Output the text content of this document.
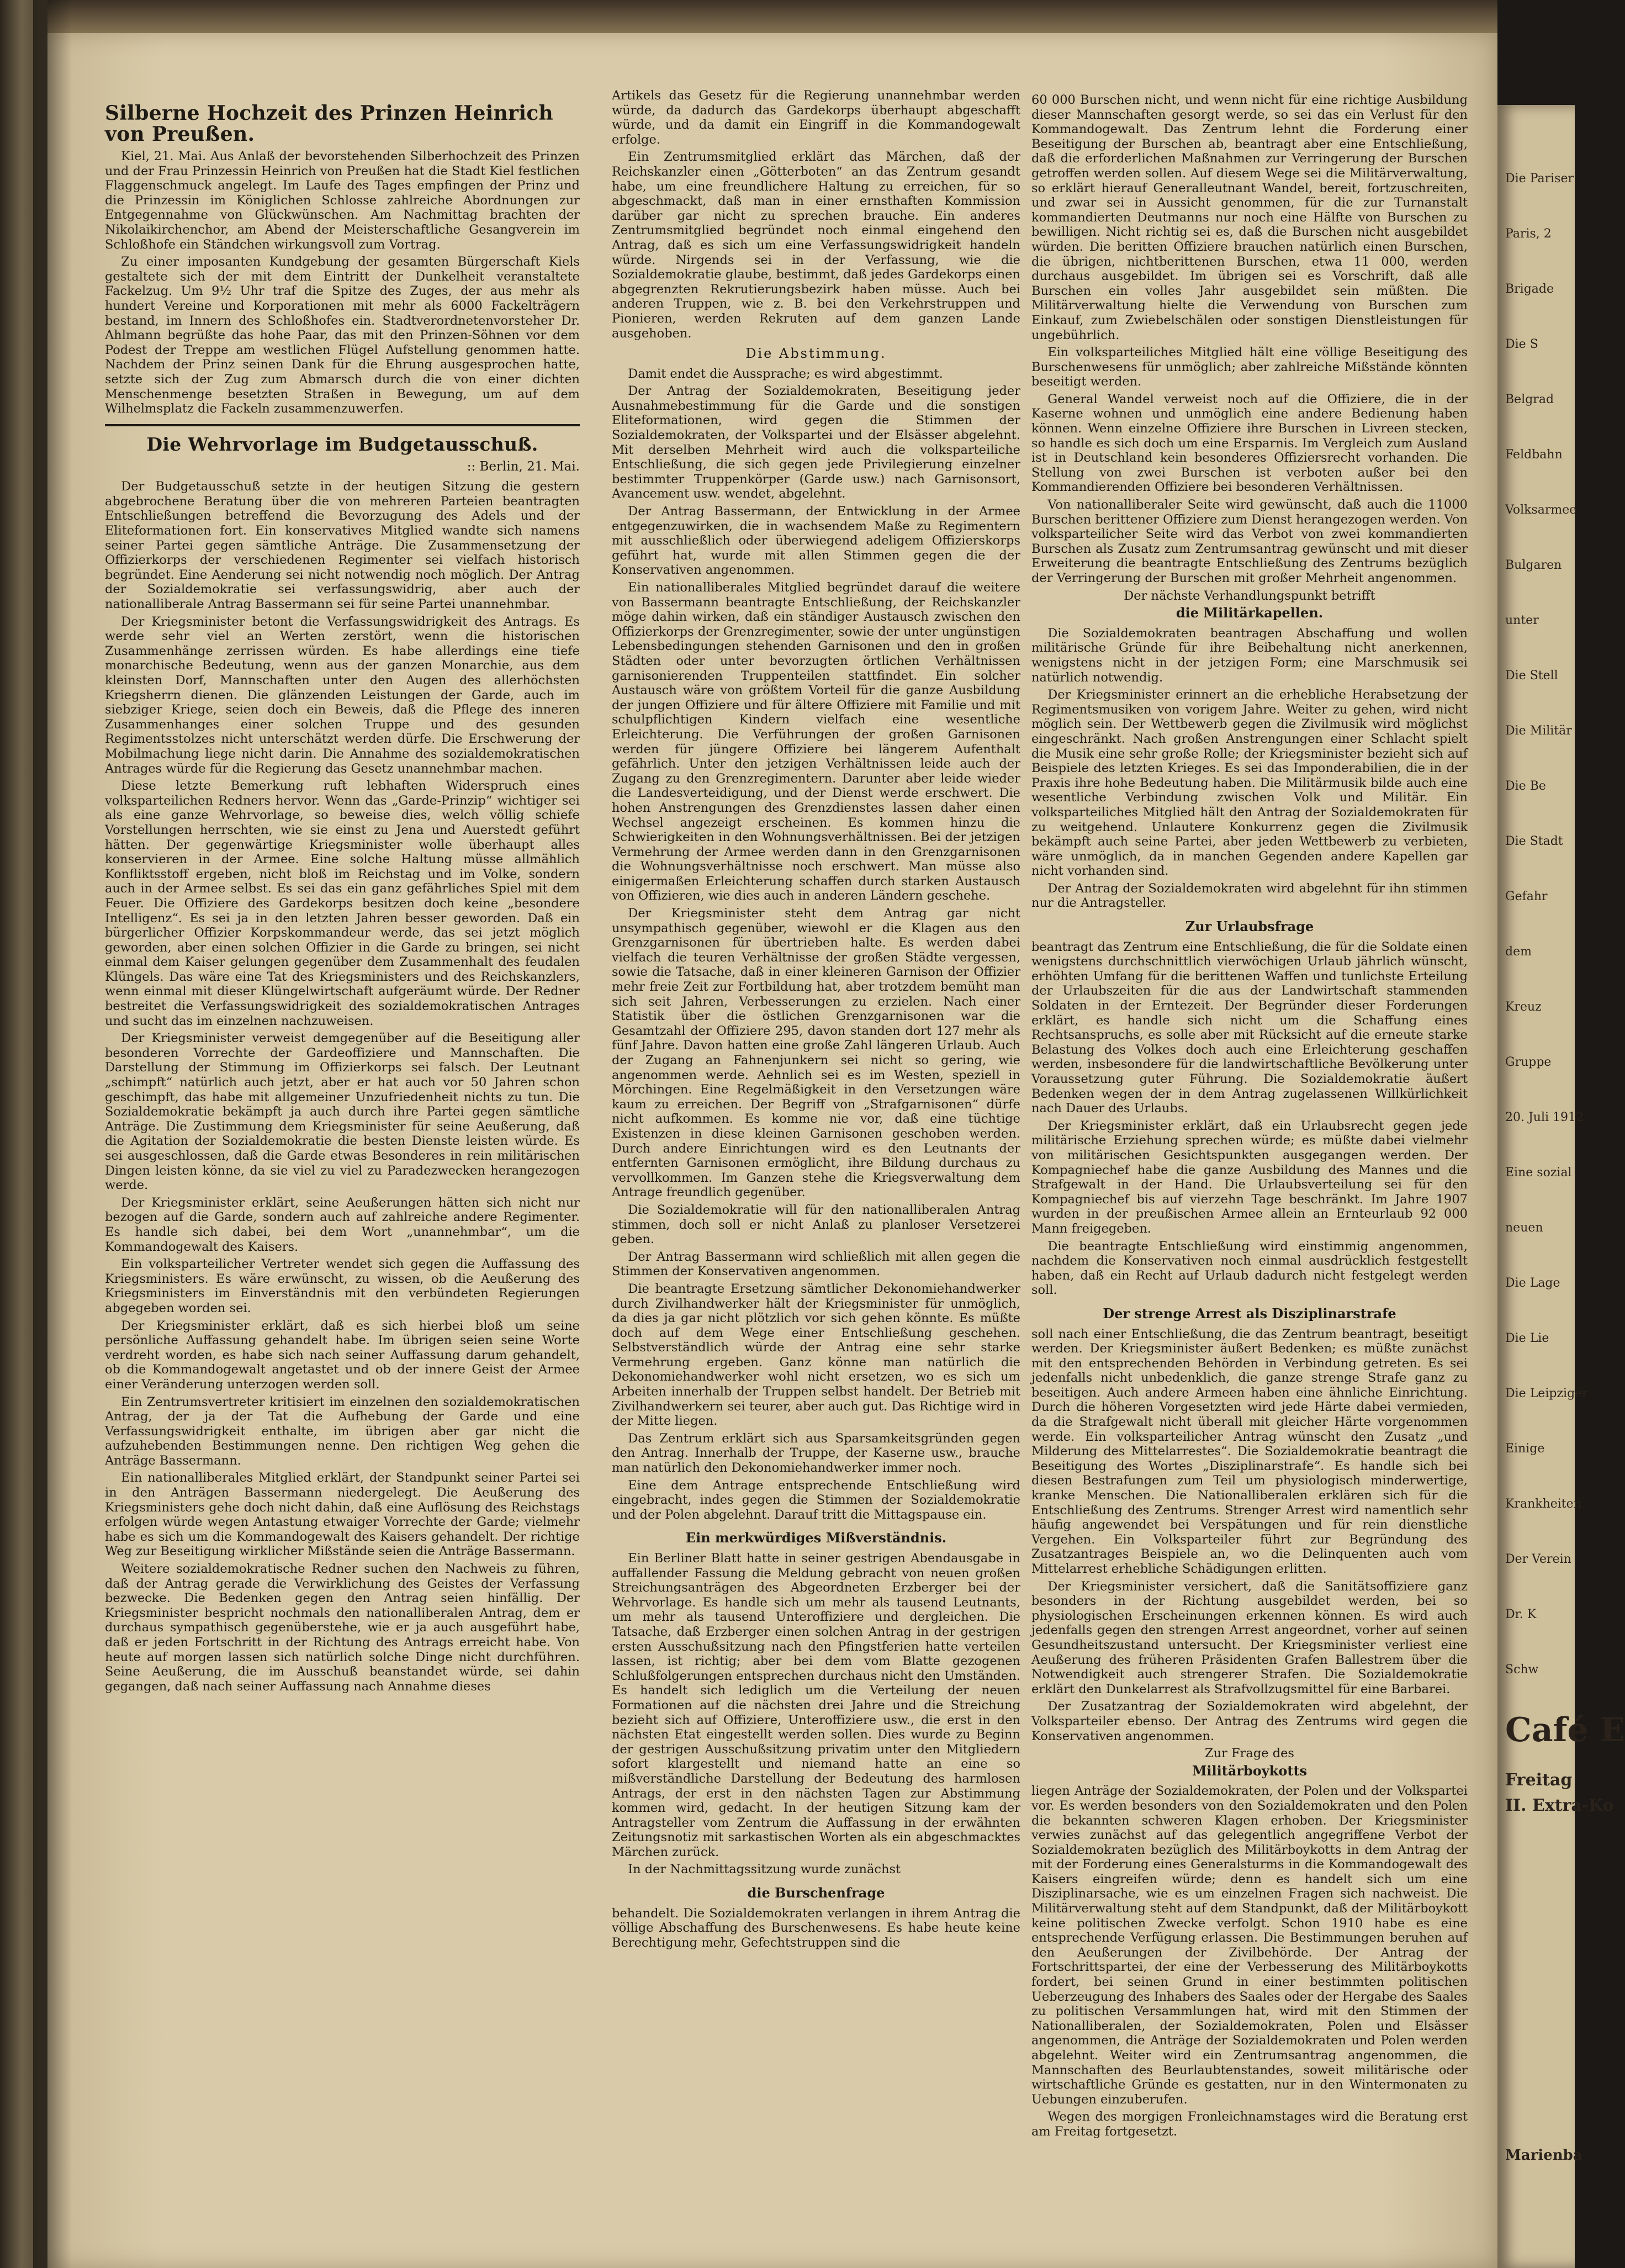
Silberne Hochzeit des Prinzen Heinrich von Preußen.

Kiel, 21. Mai. Aus Anlaß der bevorstehenden Silberhochzeit des Prinzen und der Frau Prinzessin Heinrich von Preußen hat die Stadt Kiel festlichen Flaggenschmuck angelegt. Im Laufe des Tages empfingen der Prinz und die Prinzessin im Königlichen Schlosse zahlreiche Abordnungen zur Entgegennahme von Glückwünschen. Am Nachmittag brachten der Nikolaikirchenchor, am Abend der Meisterschaftliche Gesangverein im Schloßhofe ein Ständchen wirkungsvoll zum Vortrag.

Zu einer imposanten Kundgebung der gesamten Bürgerschaft Kiels gestaltete sich der mit dem Eintritt der Dunkelheit veranstaltete Fackelzug. Um 9½ Uhr traf die Spitze des Zuges, der aus mehr als hundert Vereine und Korporationen mit mehr als 6000 Fackelträgern bestand, im Innern des Schloßhofes ein. Stadtverordnetenvorsteher Dr. Ahlmann begrüßte das hohe Paar, das mit den Prinzen-Söhnen vor dem Podest der Treppe am westlichen Flügel Aufstellung genommen hatte. Nachdem der Prinz seinen Dank für die Ehrung ausgesprochen hatte, setzte sich der Zug zum Abmarsch durch die von einer dichten Menschenmenge besetzten Straßen in Bewegung, um auf dem Wilhelmsplatz die Fackeln zusammenzuwerfen.

Die Wehrvorlage im Budgetausschuß.
:: Berlin, 21. Mai.

Der Budgetausschuß setzte in der heutigen Sitzung die gestern abgebrochene Beratung über die von mehreren Parteien beantragten Entschließungen betreffend die Bevorzugung des Adels und der Eliteformationen fort. Ein konservatives Mitglied wandte sich namens seiner Partei gegen sämtliche Anträge. Die Zusammensetzung der Offizierkorps der verschiedenen Regimenter sei vielfach historisch begründet. Eine Aenderung sei nicht notwendig noch möglich. Der Antrag der Sozialdemokratie sei verfassungswidrig, aber auch der nationalliberale Antrag Bassermann sei für seine Partei unannehmbar.

Der Kriegsminister betont die Verfassungswidrigkeit des Antrags. Es werde sehr viel an Werten zerstört, wenn die historischen Zusammenhänge zerrissen würden. Es habe allerdings eine tiefe monarchische Bedeutung, wenn aus der ganzen Monarchie, aus dem kleinsten Dorf, Mannschaften unter den Augen des allerhöchsten Kriegsherrn dienen. Die glänzenden Leistungen der Garde, auch im siebziger Kriege, seien doch ein Beweis, daß die Pflege des inneren Zusammenhanges einer solchen Truppe und des gesunden Regimentsstolzes nicht unterschätzt werden dürfe. Die Erschwerung der Mobilmachung liege nicht darin. Die Annahme des sozialdemokratischen Antrages würde für die Regierung das Gesetz unannehmbar machen.

Diese letzte Bemerkung ruft lebhaften Widerspruch eines volksparteilichen Redners hervor. Wenn das „Garde-Prinzip“ wichtiger sei als eine ganze Wehrvorlage, so beweise dies, welch völlig schiefe Vorstellungen herrschten, wie sie einst zu Jena und Auerstedt geführt hätten. Der gegenwärtige Kriegsminister wolle überhaupt alles konservieren in der Armee. Eine solche Haltung müsse allmählich Konfliktsstoff ergeben, nicht bloß im Reichstag und im Volke, sondern auch in der Armee selbst. Es sei das ein ganz gefährliches Spiel mit dem Feuer. Die Offiziere des Gardekorps besitzen doch keine „besondere Intelligenz“. Es sei ja in den letzten Jahren besser geworden. Daß ein bürgerlicher Offizier Korpskommandeur werde, das sei jetzt möglich geworden, aber einen solchen Offizier in die Garde zu bringen, sei nicht einmal dem Kaiser gelungen gegenüber dem Zusammenhalt des feudalen Klüngels. Das wäre eine Tat des Kriegsministers und des Reichskanzlers, wenn einmal mit dieser Klüngelwirtschaft aufgeräumt würde. Der Redner bestreitet die Verfassungswidrigkeit des sozialdemokratischen Antrages und sucht das im einzelnen nachzuweisen.

Der Kriegsminister verweist demgegenüber auf die Beseitigung aller besonderen Vorrechte der Gardeoffiziere und Mannschaften. Die Darstellung der Stimmung im Offizierkorps sei falsch. Der Leutnant „schimpft“ natürlich auch jetzt, aber er hat auch vor 50 Jahren schon geschimpft, das habe mit allgemeiner Unzufriedenheit nichts zu tun. Die Sozialdemokratie bekämpft ja auch durch ihre Partei gegen sämtliche Anträge. Die Zustimmung dem Kriegsminister für seine Aeußerung, daß die Agitation der Sozialdemokratie die besten Dienste leisten würde. Es sei ausgeschlossen, daß die Garde etwas Besonderes in rein militärischen Dingen leisten könne, da sie viel zu viel zu Paradezwecken herangezogen werde.

Der Kriegsminister erklärt, seine Aeußerungen hätten sich nicht nur bezogen auf die Garde, sondern auch auf zahlreiche andere Regimenter. Es handle sich dabei, bei dem Wort „unannehmbar“, um die Kommandogewalt des Kaisers.

Ein volksparteilicher Vertreter wendet sich gegen die Auffassung des Kriegsministers. Es wäre erwünscht, zu wissen, ob die Aeußerung des Kriegsministers im Einverständnis mit den verbündeten Regierungen abgegeben worden sei.

Der Kriegsminister erklärt, daß es sich hierbei bloß um seine persönliche Auffassung gehandelt habe. Im übrigen seien seine Worte verdreht worden, es habe sich nach seiner Auffassung darum gehandelt, ob die Kommandogewalt angetastet und ob der innere Geist der Armee einer Veränderung unterzogen werden soll.

Ein Zentrumsvertreter kritisiert im einzelnen den sozialdemokratischen Antrag, der ja der Tat die Aufhebung der Garde und eine Verfassungswidrigkeit enthalte, im übrigen aber gar nicht die aufzuhebenden Bestimmungen nenne. Den richtigen Weg gehen die Anträge Bassermann.

Ein nationalliberales Mitglied erklärt, der Standpunkt seiner Partei sei in den Anträgen Bassermann niedergelegt. Die Aeußerung des Kriegsministers gehe doch nicht dahin, daß eine Auflösung des Reichstags erfolgen würde wegen Antastung etwaiger Vorrechte der Garde; vielmehr habe es sich um die Kommandogewalt des Kaisers gehandelt. Der richtige Weg zur Beseitigung wirklicher Mißstände seien die Anträge Bassermann.

Weitere sozialdemokratische Redner suchen den Nachweis zu führen, daß der Antrag gerade die Verwirklichung des Geistes der Verfassung bezwecke. Die Bedenken gegen den Antrag seien hinfällig. Der Kriegsminister bespricht nochmals den nationalliberalen Antrag, dem er durchaus sympathisch gegenüberstehe, wie er ja auch ausgeführt habe, daß er jeden Fortschritt in der Richtung des Antrags erreicht habe. Von heute auf morgen lassen sich natürlich solche Dinge nicht durchführen. Seine Aeußerung, die im Ausschuß beanstandet würde, sei dahin gegangen, daß nach seiner Auffassung nach Annahme dieses

Artikels das Gesetz für die Regierung unannehmbar werden würde, da dadurch das Gardekorps überhaupt abgeschafft würde, und da damit ein Eingriff in die Kommandogewalt erfolge.

Ein Zentrumsmitglied erklärt das Märchen, daß der Reichskanzler einen „Götterboten“ an das Zentrum gesandt habe, um eine freundlichere Haltung zu erreichen, für so abgeschmackt, daß man in einer ernsthaften Kommission darüber gar nicht zu sprechen brauche. Ein anderes Zentrumsmitglied begründet noch einmal eingehend den Antrag, daß es sich um eine Verfassungswidrigkeit handeln würde. Nirgends sei in der Verfassung, wie die Sozialdemokratie glaube, bestimmt, daß jedes Gardekorps einen abgegrenzten Rekrutierungsbezirk haben müsse. Auch bei anderen Truppen, wie z. B. bei den Verkehrstruppen und Pionieren, werden Rekruten auf dem ganzen Lande ausgehoben.

Die Abstimmung.

Damit endet die Aussprache; es wird abgestimmt.

Der Antrag der Sozialdemokraten, Beseitigung jeder Ausnahmebestimmung für die Garde und die sonstigen Eliteformationen, wird gegen die Stimmen der Sozialdemokraten, der Volkspartei und der Elsässer abgelehnt. Mit derselben Mehrheit wird auch die volksparteiliche Entschließung, die sich gegen jede Privilegierung einzelner bestimmter Truppenkörper (Garde usw.) nach Garnisonsort, Avancement usw. wendet, abgelehnt.

Der Antrag Bassermann, der Entwicklung in der Armee entgegenzuwirken, die in wachsendem Maße zu Regimentern mit ausschließlich oder überwiegend adeligem Offizierskorps geführt hat, wurde mit allen Stimmen gegen die der Konservativen angenommen.

Ein nationalliberales Mitglied begründet darauf die weitere von Bassermann beantragte Entschließung, der Reichskanzler möge dahin wirken, daß ein ständiger Austausch zwischen den Offizierkorps der Grenzregimenter, sowie der unter ungünstigen Lebensbedingungen stehenden Garnisonen und den in großen Städten oder unter bevorzugten örtlichen Verhältnissen garnisonierenden Truppenteilen stattfindet. Ein solcher Austausch wäre von größtem Vorteil für die ganze Ausbildung der jungen Offiziere und für ältere Offiziere mit Familie und mit schulpflichtigen Kindern vielfach eine wesentliche Erleichterung. Die Verführungen der großen Garnisonen werden für jüngere Offiziere bei längerem Aufenthalt gefährlich. Unter den jetzigen Verhältnissen leide auch der Zugang zu den Grenzregimentern. Darunter aber leide wieder die Landesverteidigung, und der Dienst werde erschwert. Die hohen Anstrengungen des Grenzdienstes lassen daher einen Wechsel angezeigt erscheinen. Es kommen hinzu die Schwierigkeiten in den Wohnungsverhältnissen. Bei der jetzigen Vermehrung der Armee werden dann in den Grenzgarnisonen die Wohnungsverhältnisse noch erschwert. Man müsse also einigermaßen Erleichterung schaffen durch starken Austausch von Offizieren, wie dies auch in anderen Ländern geschehe.

Der Kriegsminister steht dem Antrag gar nicht unsympathisch gegenüber, wiewohl er die Klagen aus den Grenzgarnisonen für übertrieben halte. Es werden dabei vielfach die teuren Verhältnisse der großen Städte vergessen, sowie die Tatsache, daß in einer kleineren Garnison der Offizier mehr freie Zeit zur Fortbildung hat, aber trotzdem bemüht man sich seit Jahren, Verbesserungen zu erzielen. Nach einer Statistik über die östlichen Grenzgarnisonen war die Gesamtzahl der Offiziere 295, davon standen dort 127 mehr als fünf Jahre. Davon hatten eine große Zahl längeren Urlaub. Auch der Zugang an Fahnenjunkern sei nicht so gering, wie angenommen werde. Aehnlich sei es im Westen, speziell in Mörchingen. Eine Regelmäßigkeit in den Versetzungen wäre kaum zu erreichen. Der Begriff von „Strafgarnisonen“ dürfe nicht aufkommen. Es komme nie vor, daß eine tüchtige Existenzen in diese kleinen Garnisonen geschoben werden. Durch andere Einrichtungen wird es den Leutnants der entfernten Garnisonen ermöglicht, ihre Bildung durchaus zu vervollkommen. Im Ganzen stehe die Kriegsverwaltung dem Antrage freundlich gegenüber.

Die Sozialdemokratie will für den nationalliberalen Antrag stimmen, doch soll er nicht Anlaß zu planloser Versetzerei geben.

Der Antrag Bassermann wird schließlich mit allen gegen die Stimmen der Konservativen angenommen.

Die beantragte Ersetzung sämtlicher Dekonomiehandwerker durch Zivilhandwerker hält der Kriegsminister für unmöglich, da dies ja gar nicht plötzlich vor sich gehen könnte. Es müßte doch auf dem Wege einer Entschließung geschehen. Selbstverständlich würde der Antrag eine sehr starke Vermehrung ergeben. Ganz könne man natürlich die Dekonomiehandwerker wohl nicht ersetzen, wo es sich um Arbeiten innerhalb der Truppen selbst handelt. Der Betrieb mit Zivilhandwerkern sei teurer, aber auch gut. Das Richtige wird in der Mitte liegen.

Das Zentrum erklärt sich aus Sparsamkeitsgründen gegen den Antrag. Innerhalb der Truppe, der Kaserne usw., brauche man natürlich den Dekonomiehandwerker immer noch.

Eine dem Antrage entsprechende Entschließung wird eingebracht, indes gegen die Stimmen der Sozialdemokratie und der Polen abgelehnt. Darauf tritt die Mittagspause ein.

Ein merkwürdiges Mißverständnis.

Ein Berliner Blatt hatte in seiner gestrigen Abendausgabe in auffallender Fassung die Meldung gebracht von neuen großen Streichungsanträgen des Abgeordneten Erzberger bei der Wehrvorlage. Es handle sich um mehr als tausend Leutnants, um mehr als tausend Unteroffiziere und dergleichen. Die Tatsache, daß Erzberger einen solchen Antrag in der gestrigen ersten Ausschußsitzung nach den Pfingstferien hatte verteilen lassen, ist richtig; aber bei dem vom Blatte gezogenen Schlußfolgerungen entsprechen durchaus nicht den Umständen. Es handelt sich lediglich um die Verteilung der neuen Formationen auf die nächsten drei Jahre und die Streichung bezieht sich auf Offiziere, Unteroffiziere usw., die erst in den nächsten Etat eingestellt werden sollen. Dies wurde zu Beginn der gestrigen Ausschußsitzung privatim unter den Mitgliedern sofort klargestellt und niemand hatte an eine so mißverständliche Darstellung der Bedeutung des harmlosen Antrags, der erst in den nächsten Tagen zur Abstimmung kommen wird, gedacht. In der heutigen Sitzung kam der Antragsteller vom Zentrum die Auffassung in der erwähnten Zeitungsnotiz mit sarkastischen Worten als ein abgeschmacktes Märchen zurück.

In der Nachmittagssitzung wurde zunächst

die Burschenfrage

behandelt. Die Sozialdemokraten verlangen in ihrem Antrag die völlige Abschaffung des Burschenwesens. Es habe heute keine Berechtigung mehr, Gefechtstruppen sind die

60 000 Burschen nicht, und wenn nicht für eine richtige Ausbildung dieser Mannschaften gesorgt werde, so sei das ein Verlust für den Kommandogewalt. Das Zentrum lehnt die Forderung einer Beseitigung der Burschen ab, beantragt aber eine Entschließung, daß die erforderlichen Maßnahmen zur Verringerung der Burschen getroffen werden sollen. Auf diesem Wege sei die Militärverwaltung, so erklärt hierauf Generalleutnant Wandel, bereit, fortzuschreiten, und zwar sei in Aussicht genommen, für die zur Turnanstalt kommandierten Deutmanns nur noch eine Hälfte von Burschen zu bewilligen. Nicht richtig sei es, daß die Burschen nicht ausgebildet würden. Die beritten Offiziere brauchen natürlich einen Burschen, die übrigen, nichtberittenen Burschen, etwa 11 000, werden durchaus ausgebildet. Im übrigen sei es Vorschrift, daß alle Burschen ein volles Jahr ausgebildet sein müßten. Die Militärverwaltung hielte die Verwendung von Burschen zum Einkauf, zum Zwiebelschälen oder sonstigen Dienstleistungen für ungebührlich.

Ein volksparteiliches Mitglied hält eine völlige Beseitigung des Burschenwesens für unmöglich; aber zahlreiche Mißstände könnten beseitigt werden.

General Wandel verweist noch auf die Offiziere, die in der Kaserne wohnen und unmöglich eine andere Bedienung haben können. Wenn einzelne Offiziere ihre Burschen in Livreen stecken, so handle es sich doch um eine Ersparnis. Im Vergleich zum Ausland ist in Deutschland kein besonderes Offiziersrecht vorhanden. Die Stellung von zwei Burschen ist verboten außer bei den Kommandierenden Offiziere bei besonderen Verhältnissen.

Von nationalliberaler Seite wird gewünscht, daß auch die 11000 Burschen berittener Offiziere zum Dienst herangezogen werden. Von volksparteilicher Seite wird das Verbot von zwei kommandierten Burschen als Zusatz zum Zentrumsantrag gewünscht und mit dieser Erweiterung die beantragte Entschließung des Zentrums bezüglich der Verringerung der Burschen mit großer Mehrheit angenommen.

Der nächste Verhandlungspunkt betrifft

die Militärkapellen.

Die Sozialdemokraten beantragen Abschaffung und wollen militärische Gründe für ihre Beibehaltung nicht anerkennen, wenigstens nicht in der jetzigen Form; eine Marschmusik sei natürlich notwendig.

Der Kriegsminister erinnert an die erhebliche Herabsetzung der Regimentsmusiken von vorigem Jahre. Weiter zu gehen, wird nicht möglich sein. Der Wettbewerb gegen die Zivilmusik wird möglichst eingeschränkt. Nach großen Anstrengungen einer Schlacht spielt die Musik eine sehr große Rolle; der Kriegsminister bezieht sich auf Beispiele des letzten Krieges. Es sei das Imponderabilien, die in der Praxis ihre hohe Bedeutung haben. Die Militärmusik bilde auch eine wesentliche Verbindung zwischen Volk und Militär. Ein volksparteiliches Mitglied hält den Antrag der Sozialdemokraten für zu weitgehend. Unlautere Konkurrenz gegen die Zivilmusik bekämpft auch seine Partei, aber jeden Wettbewerb zu verbieten, wäre unmöglich, da in manchen Gegenden andere Kapellen gar nicht vorhanden sind.

Der Antrag der Sozialdemokraten wird abgelehnt für ihn stimmen nur die Antragsteller.

Zur Urlaubsfrage

beantragt das Zentrum eine Entschließung, die für die Soldate einen wenigstens durchschnittlich vierwöchigen Urlaub jährlich wünscht, erhöhten Umfang für die berittenen Waffen und tunlichste Erteilung der Urlaubszeiten für die aus der Landwirtschaft stammenden Soldaten in der Erntezeit. Der Begründer dieser Forderungen erklärt, es handle sich nicht um die Schaffung eines Rechtsanspruchs, es solle aber mit Rücksicht auf die erneute starke Belastung des Volkes doch auch eine Erleichterung geschaffen werden, insbesondere für die landwirtschaftliche Bevölkerung unter Voraussetzung guter Führung. Die Sozialdemokratie äußert Bedenken wegen der in dem Antrag zugelassenen Willkürlichkeit nach Dauer des Urlaubs.

Der Kriegsminister erklärt, daß ein Urlaubsrecht gegen jede militärische Erziehung sprechen würde; es müßte dabei vielmehr von militärischen Gesichtspunkten ausgegangen werden. Der Kompagniechef habe die ganze Ausbildung des Mannes und die Strafgewalt in der Hand. Die Urlaubsverteilung sei für den Kompagniechef bis auf vierzehn Tage beschränkt. Im Jahre 1907 wurden in der preußischen Armee allein an Ernteurlaub 92 000 Mann freigegeben.

Die beantragte Entschließung wird einstimmig angenommen, nachdem die Konservativen noch einmal ausdrücklich festgestellt haben, daß ein Recht auf Urlaub dadurch nicht festgelegt werden soll.

Der strenge Arrest als Disziplinarstrafe

soll nach einer Entschließung, die das Zentrum beantragt, beseitigt werden. Der Kriegsminister äußert Bedenken; es müßte zunächst mit den entsprechenden Behörden in Verbindung getreten. Es sei jedenfalls nicht unbedenklich, die ganze strenge Strafe ganz zu beseitigen. Auch andere Armeen haben eine ähnliche Einrichtung. Durch die höheren Vorgesetzten wird jede Härte dabei vermieden, da die Strafgewalt nicht überall mit gleicher Härte vorgenommen werde. Ein volksparteilicher Antrag wünscht den Zusatz „und Milderung des Mittelarrestes“. Die Sozialdemokratie beantragt die Beseitigung des Wortes „Disziplinarstrafe“. Es handle sich bei diesen Bestrafungen zum Teil um physiologisch minderwertige, kranke Menschen. Die Nationalliberalen erklären sich für die Entschließung des Zentrums. Strenger Arrest wird namentlich sehr häufig angewendet bei Verspätungen und für rein dienstliche Vergehen. Ein Volksparteiler führt zur Begründung des Zusatzantrages Beispiele an, wo die Delinquenten auch vom Mittelarrest erhebliche Schädigungen erlitten.

Der Kriegsminister versichert, daß die Sanitätsoffiziere ganz besonders in der Richtung ausgebildet werden, bei so physiologischen Erscheinungen erkennen können. Es wird auch jedenfalls gegen den strengen Arrest angeordnet, vorher auf seinen Gesundheitszustand untersucht. Der Kriegsminister verliest eine Aeußerung des früheren Präsidenten Grafen Ballestrem über die Notwendigkeit auch strengerer Strafen. Die Sozialdemokratie erklärt den Dunkelarrest als Strafvollzugsmittel für eine Barbarei.

Der Zusatzantrag der Sozialdemokraten wird abgelehnt, der Volksparteiler ebenso. Der Antrag des Zentrums wird gegen die Konservativen angenommen.

Zur Frage des

Militärboykotts

liegen Anträge der Sozialdemokraten, der Polen und der Volkspartei vor. Es werden besonders von den Sozialdemokraten und den Polen die bekannten schweren Klagen erhoben. Der Kriegsminister verwies zunächst auf das gelegentlich angegriffene Verbot der Sozialdemokraten bezüglich des Militärboykotts in dem Antrag der mit der Forderung eines Generalsturms in die Kommandogewalt des Kaisers eingreifen würde; denn es handelt sich um eine Disziplinarsache, wie es um einzelnen Fragen sich nachweist. Die Militärverwaltung steht auf dem Standpunkt, daß der Militärboykott keine politischen Zwecke verfolgt. Schon 1910 habe es eine entsprechende Verfügung erlassen. Die Bestimmungen beruhen auf den Aeußerungen der Zivilbehörde. Der Antrag der Fortschrittspartei, der eine der Verbesserung des Militärboykotts fordert, bei seinen Grund in einer bestimmten politischen Ueberzeugung des Inhabers des Saales oder der Hergabe des Saales zu politischen Versammlungen hat, wird mit den Stimmen der Nationalliberalen, der Sozialdemokraten, Polen und Elsässer angenommen, die Anträge der Sozialdemokraten und Polen werden abgelehnt. Weiter wird ein Zentrumsantrag angenommen, die Mannschaften des Beurlaubtenstandes, soweit militärische oder wirtschaftliche Gründe es gestatten, nur in den Wintermonaten zu Uebungen einzuberufen.

Wegen des morgigen Fronleichnamstages wird die Beratung erst am Freitag fortgesetzt.

Die Pariser
Paris, 2
Brigade
Die S
Belgrad
Feldbahn
Volksarmee
Bulgaren
unter
Die Stell
Die Militär
Die Be
Die Stadt
Gefahr
dem
Kreuz
Gruppe
20. Juli 1912
Eine sozial
neuen
Die Lage
Die Lie
Die Leipziger
Einige
Krankheiten
Der Verein
Dr. K
Schw
Café E
Freitag
II. Extra-Ko
Marienba
